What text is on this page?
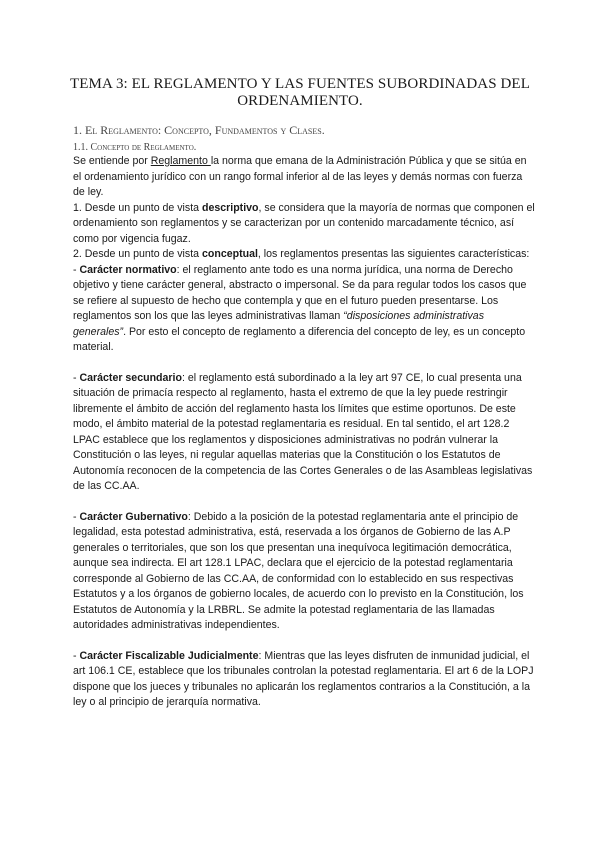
TEMA 3: EL REGLAMENTO Y LAS FUENTES SUBORDINADAS DEL ORDENAMIENTO.
1. El Reglamento: Concepto, Fundamentos y Clases.
1.1. Concepto de Reglamento.

Se entiende por Reglamento la norma que emana de la Administración Pública y que se sitúa en el ordenamiento jurídico con un rango formal inferior al de las leyes y demás normas con fuerza de ley.

1. Desde un punto de vista descriptivo, se considera que la mayoría de normas que componen el ordenamiento son reglamentos y se caracterizan por un contenido marcadamente técnico, así como por vigencia fugaz.

2. Desde un punto de vista conceptual, los reglamentos presentas las siguientes características:

- Carácter normativo: el reglamento ante todo es una norma jurídica, una norma de Derecho objetivo y tiene carácter general, abstracto o impersonal. Se da para regular todos los casos que se refiere al supuesto de hecho que contempla y que en el futuro pueden presentarse. Los reglamentos son los que las leyes administrativas llaman “disposiciones administrativas generales”. Por esto el concepto de reglamento a diferencia del concepto de ley, es un concepto material.

- Carácter secundario: el reglamento está subordinado a la ley art 97 CE, lo cual presenta una situación de primacía respecto al reglamento, hasta el extremo de que la ley puede restringir libremente el ámbito de acción del reglamento hasta los límites que estime oportunos. De este modo, el ámbito material de la potestad reglamentaria es residual. En tal sentido, el art 128.2 LPAC establece que los reglamentos y disposiciones administrativas no podrán vulnerar la Constitución o las leyes, ni regular aquellas materias que la Constitución o los Estatutos de Autonomía reconocen de la competencia de las Cortes Generales o de las Asambleas legislativas de las CC.AA.

- Carácter Gubernativo: Debido a la posición de la potestad reglamentaria ante el principio de legalidad, esta potestad administrativa, está, reservada a los órganos de Gobierno de las A.P generales o territoriales, que son los que presentan una inequívoca legitimación democrática, aunque sea indirecta. El art 128.1 LPAC, declara que el ejercicio de la potestad reglamentaria corresponde al Gobierno de las CC.AA, de conformidad con lo establecido en sus respectivas Estatutos y a los órganos de gobierno locales, de acuerdo con lo previsto en la Constitución, los Estatutos de Autonomía y la LRBRL. Se admite la potestad reglamentaria de las llamadas autoridades administrativas independientes.

- Carácter Fiscalizable Judicialmente: Mientras que las leyes disfruten de inmunidad judicial, el art 106.1 CE, establece que los tribunales controlan la potestad reglamentaria. El art 6 de la LOPJ dispone que los jueces y tribunales no aplicarán los reglamentos contrarios a la Constitución, a la ley o al principio de jerarquía normativa.
